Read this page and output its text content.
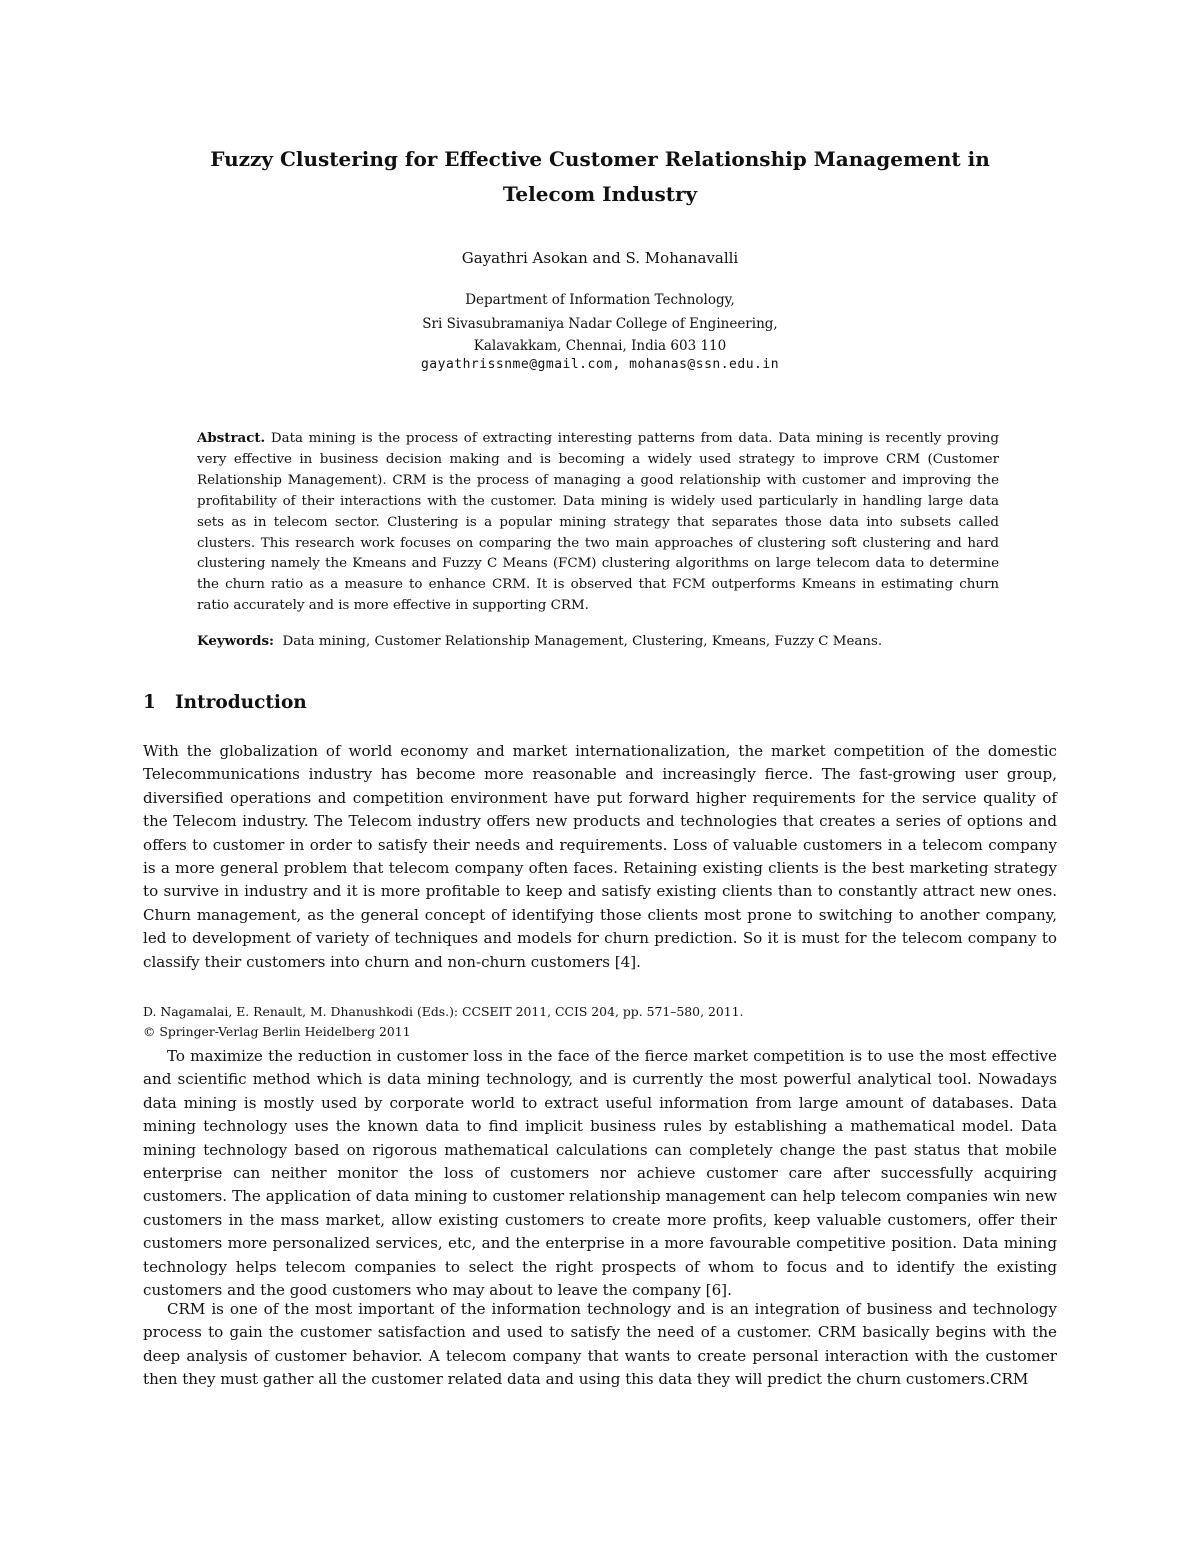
Fuzzy Clustering for Effective Customer Relationship Management in
Telecom Industry

Gayathri Asokan and S. Mohanavalli

Department of Information Technology,

Sri Sivasubramaniya Nadar College of Engineering,

Kalavakkam, Chennai, India 603 110

gayathrissnme@gmail.com, mohanas@ssn.edu.in

Abstract. Data mining is the process of extracting interesting patterns from data. Data mining is recently proving very effective in business decision making and is becoming a widely used strategy to improve CRM (Customer Relationship Management). CRM is the process of managing a good relationship with customer and improving the profitability of their interactions with the customer. Data mining is widely used particularly in handling large data sets as in telecom sector. Clustering is a popular mining strategy that separates those data into subsets called clusters. This research work focuses on comparing the two main approaches of clustering soft clustering and hard clustering namely the Kmeans and Fuzzy C Means (FCM) clustering algorithms on large telecom data to determine the churn ratio as a measure to enhance CRM. It is observed that FCM outperforms Kmeans in estimating churn ratio accurately and is more effective in supporting CRM.

Keywords: Data mining, Customer Relationship Management, Clustering, Kmeans, Fuzzy C Means.

1 Introduction

With the globalization of world economy and market internationalization, the market competition of the domestic Telecommunications industry has become more reasonable and increasingly fierce. The fast-growing user group, diversified operations and competition environment have put forward higher requirements for the service quality of the Telecom industry. The Telecom industry offers new products and technologies that creates a series of options and offers to customer in order to satisfy their needs and requirements. Loss of valuable customers in a telecom company is a more general problem that telecom company often faces. Retaining existing clients is the best marketing strategy to survive in industry and it is more profitable to keep and satisfy existing clients than to constantly attract new ones. Churn management, as the general concept of identifying those clients most prone to switching to another company, led to development of variety of techniques and models for churn prediction. So it is must for the telecom company to classify their customers into churn and non-churn customers [4].

D. Nagamalai, E. Renault, M. Dhanushkodi (Eds.): CCSEIT 2011, CCIS 204, pp. 571–580, 2011.

© Springer-Verlag Berlin Heidelberg 2011

To maximize the reduction in customer loss in the face of the fierce market competition is to use the most effective and scientific method which is data mining technology, and is currently the most powerful analytical tool. Nowadays data mining is mostly used by corporate world to extract useful information from large amount of databases. Data mining technology uses the known data to find implicit business rules by establishing a mathematical model. Data mining technology based on rigorous mathematical calculations can completely change the past status that mobile enterprise can neither monitor the loss of customers nor achieve customer care after successfully acquiring customers. The application of data mining to customer relationship management can help telecom companies win new customers in the mass market, allow existing customers to create more profits, keep valuable customers, offer their customers more personalized services, etc, and the enterprise in a more favourable competitive position. Data mining technology helps telecom companies to select the right prospects of whom to focus and to identify the existing customers and the good customers who may about to leave the company [6].

CRM is one of the most important of the information technology and is an integration of business and technology process to gain the customer satisfaction and used to satisfy the need of a customer. CRM basically begins with the deep analysis of customer behavior. A telecom company that wants to create personal interaction with the customer then they must gather all the customer related data and using this data they will predict the churn customers.CRM
